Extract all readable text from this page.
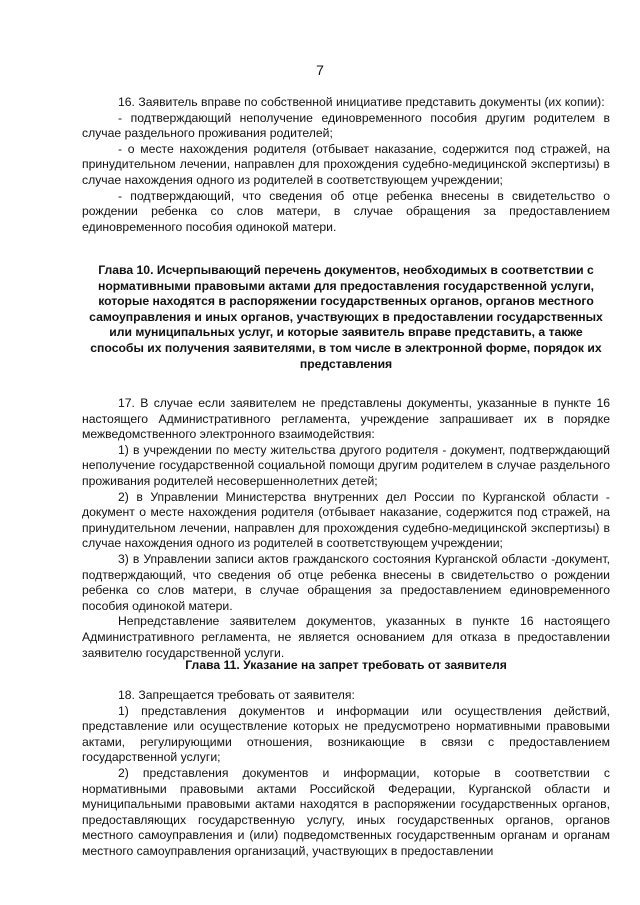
7

16. Заявитель вправе по собственной инициативе представить документы (их копии):

- подтверждающий неполучение единовременного пособия другим родителем в случае раздельного проживания родителей;

- о месте нахождения родителя (отбывает наказание, содержится под стражей, на принудительном лечении, направлен для прохождения судебно-медицинской экспертизы) в случае нахождения одного из родителей в соответствующем учреждении;

- подтверждающий, что сведения об отце ребенка внесены в свидетельство о рождении ребенка со слов матери, в случае обращения за предоставлением единовременного пособия одинокой матери.

Глава 10. Исчерпывающий перечень документов, необходимых в соответствии с нормативными правовыми актами для предоставления государственной услуги, которые находятся в распоряжении государственных органов, органов местного самоуправления и иных органов, участвующих в предоставлении государственных или муниципальных услуг, и которые заявитель вправе представить, а также способы их получения заявителями, в том числе в электронной форме, порядок их представления

17. В случае если заявителем не представлены документы, указанные в пункте 16 настоящего Административного регламента, учреждение запрашивает их в порядке межведомственного электронного взаимодействия:

1) в учреждении по месту жительства другого родителя - документ, подтверждающий неполучение государственной социальной помощи другим родителем в случае раздельного проживания родителей несовершеннолетних детей;

2) в Управлении Министерства внутренних дел России по Курганской области - документ о месте нахождения родителя (отбывает наказание, содержится под стражей, на принудительном лечении, направлен для прохождения судебно-медицинской экспертизы) в случае нахождения одного из родителей в соответствующем учреждении;

3) в Управлении записи актов гражданского состояния Курганской области -документ, подтверждающий, что сведения об отце ребенка внесены в свидетельство о рождении ребенка со слов матери, в случае обращения за предоставлением единовременного пособия одинокой матери.

Непредставление заявителем документов, указанных в пункте 16 настоящего Административного регламента, не является основанием для отказа в предоставлении заявителю государственной услуги.

Глава 11. Указание на запрет требовать от заявителя

18. Запрещается требовать от заявителя:

1) представления документов и информации или осуществления действий, представление или осуществление которых не предусмотрено нормативными правовыми актами, регулирующими отношения, возникающие в связи с предоставлением государственной услуги;

2) представления документов и информации, которые в соответствии с нормативными правовыми актами Российской Федерации, Курганской области и муниципальными правовыми актами находятся в распоряжении государственных органов, предоставляющих государственную услугу, иных государственных органов, органов местного самоуправления и (или) подведомственных государственным органам и органам местного самоуправления организаций, участвующих в предоставлении
